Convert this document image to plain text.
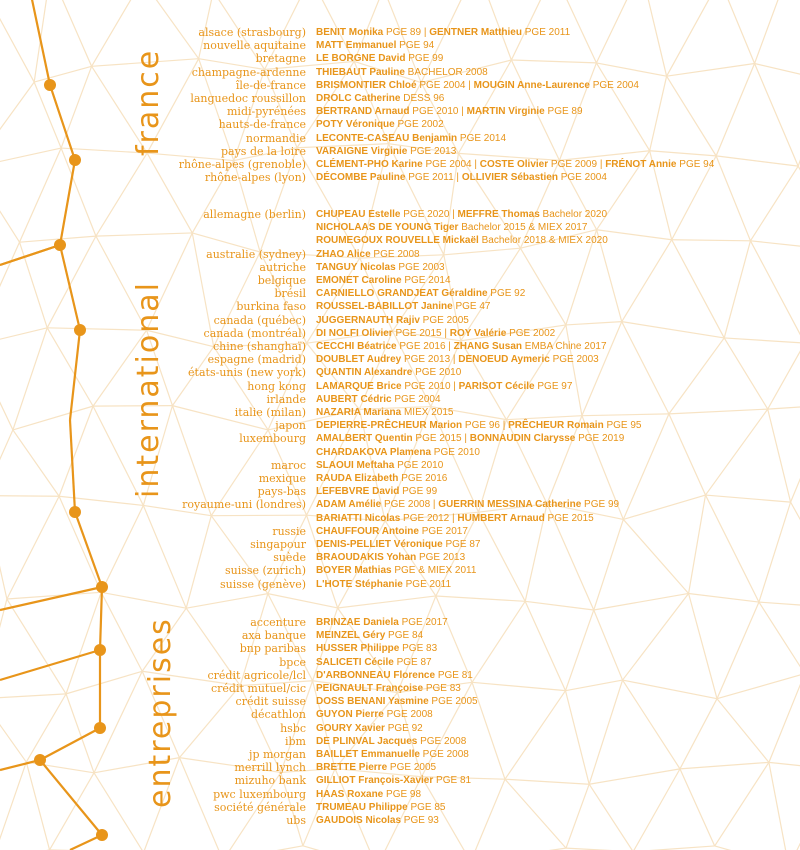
france
alsace (strasbourg) BENIT Monika PGE 89 | GENTNER Matthieu PGE 2011
nouvelle aquitaine MATT Emmanuel PGE 94
bretagne LE BORGNE David PGE 99
champagne-ardenne THIEBAUT Pauline BACHELOR 2008
île-de-france BRISMONTIER Chloé PGE 2004 | MOUGIN Anne-Laurence PGE 2004
languedoc roussillon DROLC Catherine DESS 96
midi-pyrénées BERTRAND Arnaud PGE 2010 | MARTIN Virginie PGE 89
hauts-de-france POTY Véronique PGE 2002
normandie LECONTE-CASEAU Benjamin PGE 2014
pays de la loire VARAIGNE Virginie PGE 2013
rhône-alpes (grenoble) CLÉMENT-PHO Karine PGE 2004 | COSTE Olivier PGE 2009 | FRÉNOT Annie PGE 94
rhône-alpes (lyon) DÉCOMBE Pauline PGE 2011 | OLLIVIER Sébastien PGE 2004
international
allemagne (berlin) CHUPEAU Estelle PGE 2020 | MEFFRE Thomas Bachelor 2020
NICHOLAAS DE YOUNG Tiger Bachelor 2015 & MIEX 2017
ROUMEGOUX ROUVELLE Mickaël Bachelor 2018 & MIEX 2020
australie (sydney) ZHAO Alice PGE 2008
autriche TANGUY Nicolas PGE 2003
belgique EMONET Caroline PGE 2014
brésil CARNIELLO GRANDJEAT Géraldine PGE 92
burkina faso ROUSSEL-BABILLOT Janine PGE 47
canada (québec) JUGGERNAUTH Rajiv PGE 2005
canada (montréal) DI NOLFI Olivier PGE 2015 | ROY Valérie PGE 2002
chine (shanghaï) CECCHI Béatrice PGE 2016 | ZHANG Susan EMBA Chine 2017
espagne (madrid) DOUBLET Audrey PGE 2013 | DENOEUD Aymeric PGE 2003
états-unis (new york) QUANTIN Alexandre PGE 2010
hong kong LAMARQUE Brice PGE 2010 | PARISOT Cécile PGE 97
irlande AUBERT Cédric PGE 2004
italie (milan) NAZARIA Mariana MIEX 2015
japon DEPIERRE-PRÊCHEUR Marion PGE 96 | PRÊCHEUR Romain PGE 95
luxembourg AMALBERT Quentin PGE 2015 | BONNAUDIN Clarysse PGE 2019
CHARDAKOVA Plamena PGE 2010
maroc SLAOUI Meftaha PGE 2010
mexique RAUDA Elizabeth PGE 2016
pays-bas LEFEBVRE David PGE 99
royaume-uni (londres) ADAM Amélie PGE 2008 | GUERRIN MESSINA Catherine PGE 99
BARIATTI Nicolas PGE 2012 | HUMBERT Arnaud PGE 2015
russie CHAUFFOUR Antoine PGE 2017
singapour DENIS-PELLIET Véronique PGE 87
suède BRAOUDAKIS Yohan PGE 2013
suisse (zurich) BOYER Mathias PGE & MIEX 2011
suisse (genève) L'HOTE Stéphanie PGE 2011
entreprises	accenture BRINZAE Daniela PGE 2017
axa banque MEINZEL Géry PGE 84
bnp paribas HUSSER Philippe PGE 83
bpce SALICETI Cécile PGE 87
crédit agricole/lcl D'ARBONNEAU Florence PGE 81
crédit mutuel/cic PEIGNAULT Françoise PGE 83
crédit suisse DOSS BENANI Yasmine PGE 2005
décathlon GUYON Pierre PGE 2008
hsbc GOURY Xavier PGE 92
ibm DE PLINVAL Jacques PGE 2008
jp morgan BAILLET Emmanuelle PGE 2008
merrill lynch BRETTE Pierre PGE 2005
mizuho bank GILLIOT François-Xavier PGE 81
pwc luxembourg HAAS Roxane PGE 98
société générale TRUMEAU Philippe PGE 85
ubs GAUDOIS Nicolas PGE 93
